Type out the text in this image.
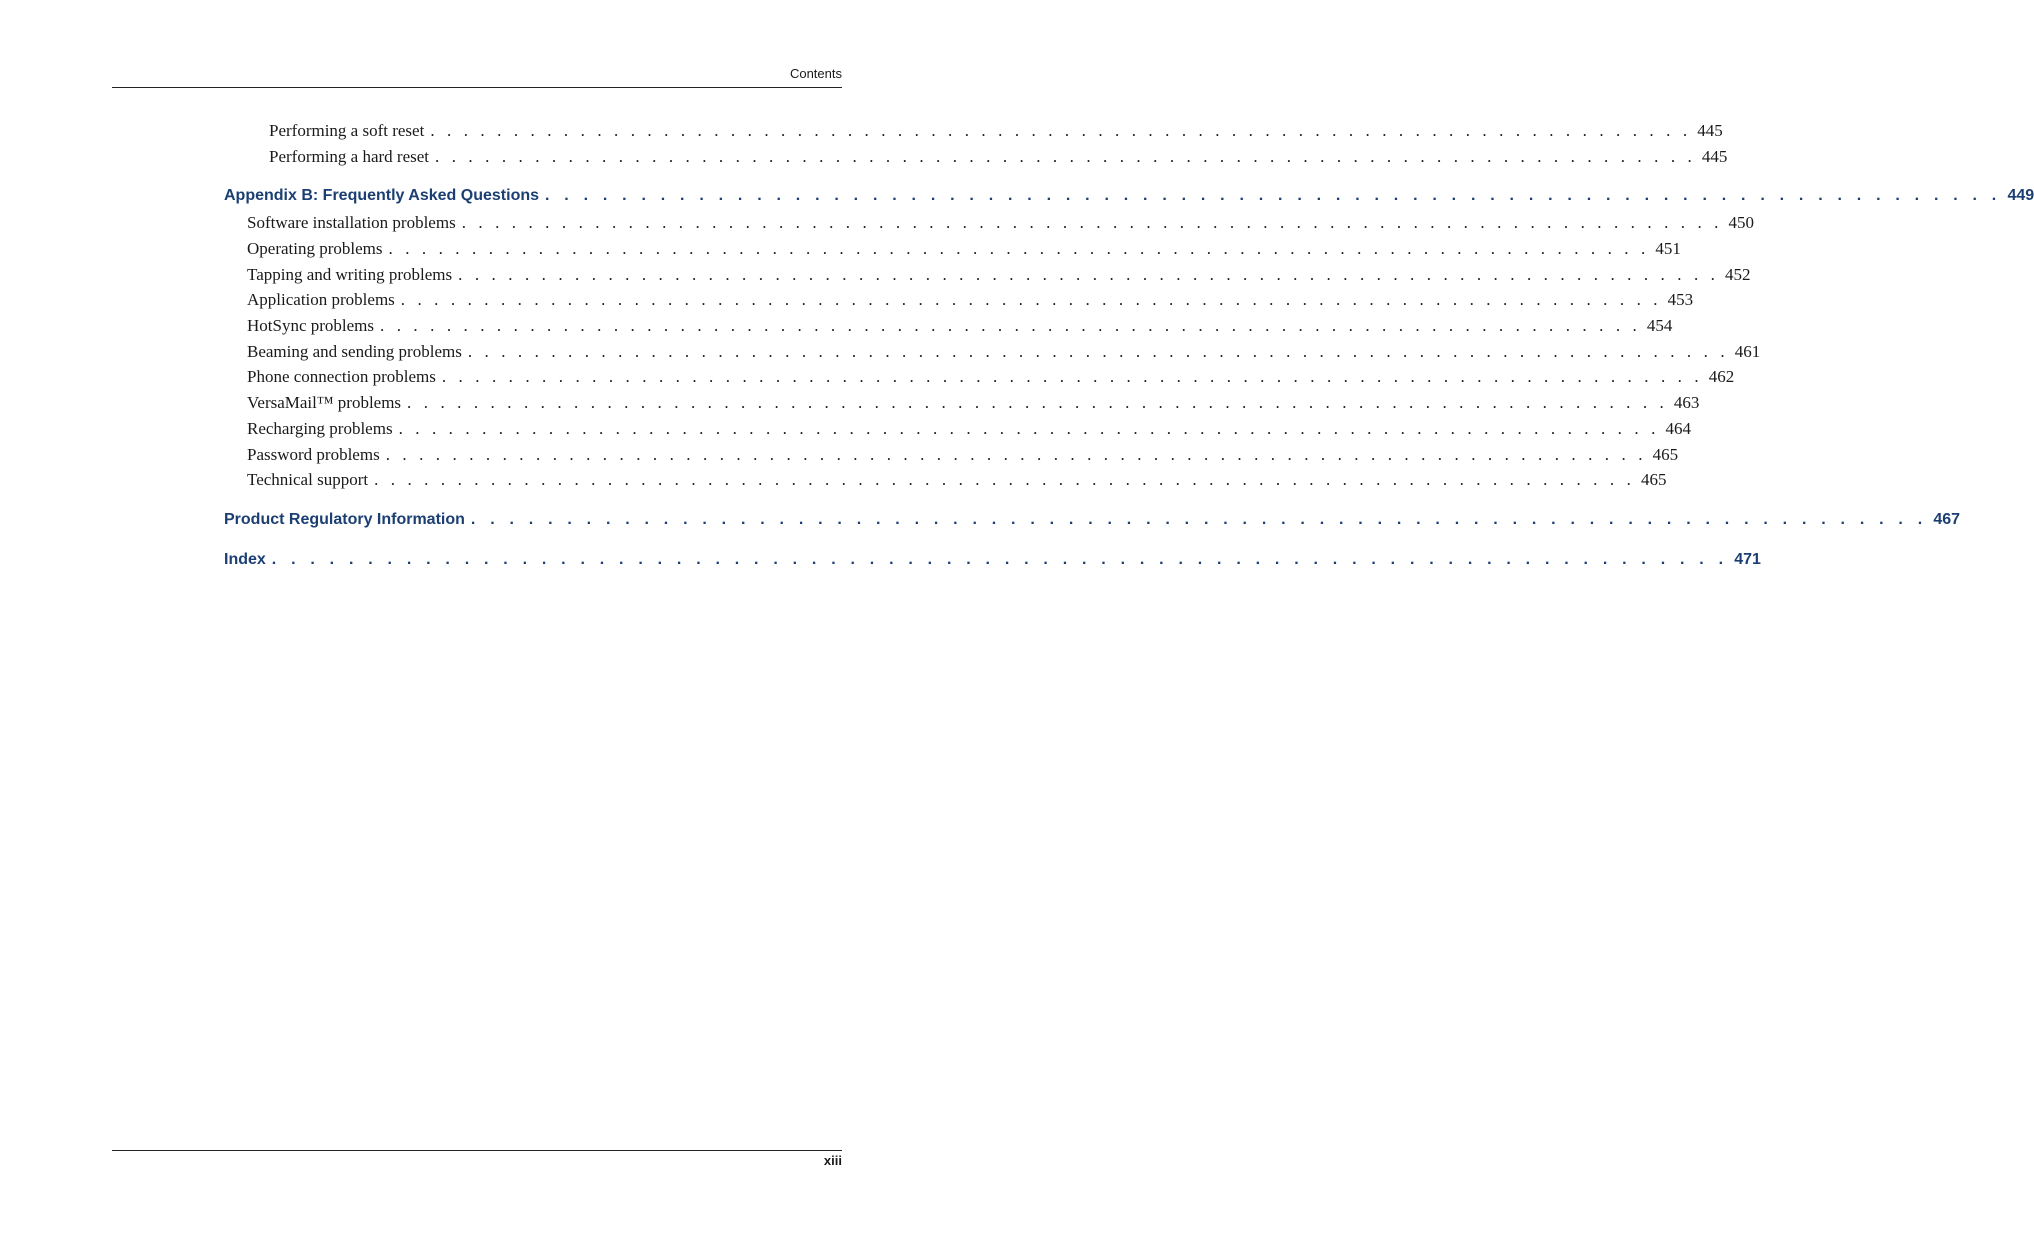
Contents
Performing a soft reset . . . . . . . . . . . . . . . . . . . . . . . . . . . . . . . . . . . . . . . . . . . . . . . . . . . . . . . . . . . . . . . . . . . . . . . . . . . . 445
Performing a hard reset . . . . . . . . . . . . . . . . . . . . . . . . . . . . . . . . . . . . . . . . . . . . . . . . . . . . . . . . . . . . . . . . . . . . . . . . . . . . 445
Appendix B: Frequently Asked Questions . . . . . . . . . . . . . . . . . . . . . . . . . . . . . . . . . . . . . . . . . . . . . . . . . . . . . . . . . . . . . . . . . . . . . . . . . . . . 449
Software installation problems . . . . . . . . . . . . . . . . . . . . . . . . . . . . . . . . . . . . . . . . . . . . . . . . . . . . . . . . . . . . . . . . . . . . . . . . . . . . 450
Operating problems . . . . . . . . . . . . . . . . . . . . . . . . . . . . . . . . . . . . . . . . . . . . . . . . . . . . . . . . . . . . . . . . . . . . . . . . . . . . 451
Tapping and writing problems . . . . . . . . . . . . . . . . . . . . . . . . . . . . . . . . . . . . . . . . . . . . . . . . . . . . . . . . . . . . . . . . . . . . . . . . . . . . 452
Application problems . . . . . . . . . . . . . . . . . . . . . . . . . . . . . . . . . . . . . . . . . . . . . . . . . . . . . . . . . . . . . . . . . . . . . . . . . . . . 453
HotSync problems . . . . . . . . . . . . . . . . . . . . . . . . . . . . . . . . . . . . . . . . . . . . . . . . . . . . . . . . . . . . . . . . . . . . . . . . . . . . 454
Beaming and sending problems . . . . . . . . . . . . . . . . . . . . . . . . . . . . . . . . . . . . . . . . . . . . . . . . . . . . . . . . . . . . . . . . . . . . . . . . . . . . 461
Phone connection problems . . . . . . . . . . . . . . . . . . . . . . . . . . . . . . . . . . . . . . . . . . . . . . . . . . . . . . . . . . . . . . . . . . . . . . . . . . . . 462
VersaMail™ problems . . . . . . . . . . . . . . . . . . . . . . . . . . . . . . . . . . . . . . . . . . . . . . . . . . . . . . . . . . . . . . . . . . . . . . . . . . . . 463
Recharging problems . . . . . . . . . . . . . . . . . . . . . . . . . . . . . . . . . . . . . . . . . . . . . . . . . . . . . . . . . . . . . . . . . . . . . . . . . . . . 464
Password problems . . . . . . . . . . . . . . . . . . . . . . . . . . . . . . . . . . . . . . . . . . . . . . . . . . . . . . . . . . . . . . . . . . . . . . . . . . . . 465
Technical support . . . . . . . . . . . . . . . . . . . . . . . . . . . . . . . . . . . . . . . . . . . . . . . . . . . . . . . . . . . . . . . . . . . . . . . . . . . . 465
Product Regulatory Information . . . . . . . . . . . . . . . . . . . . . . . . . . . . . . . . . . . . . . . . . . . . . . . . . . . . . . . . . . . . . . . . . . . . . . . . . . . . 467
Index . . . . . . . . . . . . . . . . . . . . . . . . . . . . . . . . . . . . . . . . . . . . . . . . . . . . . . . . . . . . . . . . . . . . . . . . . . . . 471
xiii
